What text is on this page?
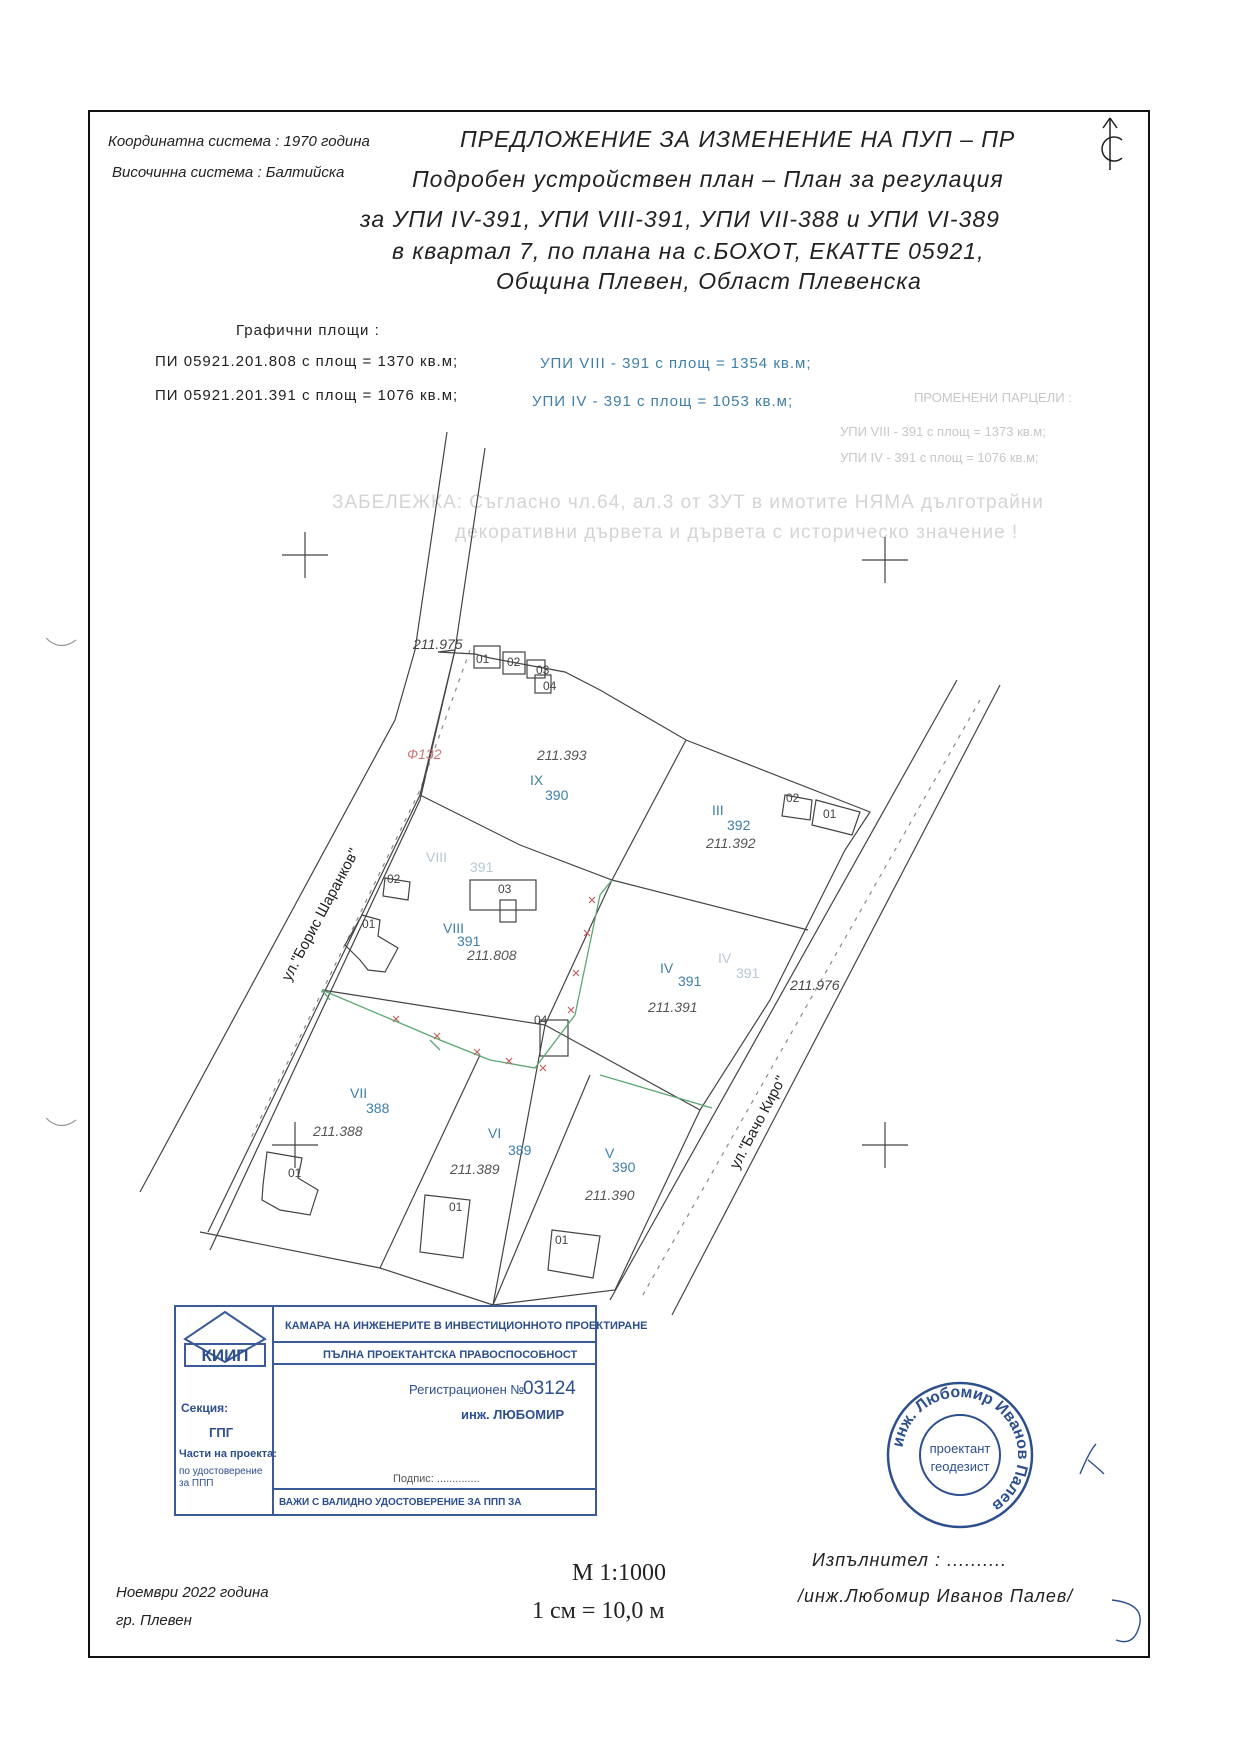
Координатна система : 1970 година
Височинна система : Балтийска
ПРЕДЛОЖЕНИЕ ЗА ИЗМЕНЕНИЕ НА ПУП – ПР
Подробен устройствен план – План за регулация
за УПИ IV-391, УПИ VIII-391, УПИ VII-388 и УПИ VI-389
в квартал 7, по плана на с.БОХОТ, ЕКАТТЕ 05921,
Община Плевен, Област Плевенска
Графични площи :
ПИ 05921.201.808 с площ = 1370 кв.м;
ПИ 05921.201.391 с площ = 1076 кв.м;
УПИ VIII - 391 с площ = 1354 кв.м;
УПИ IV - 391 с площ = 1053 кв.м;	ПРОМЕНЕНИ ПАРЦЕЛИ :
УПИ VIII - 391 с площ = 1373 кв.м;
УПИ IV - 391 с площ = 1076 кв.м;
ЗАБЕЛЕЖКА: Съгласно чл.64, ал.3 от ЗУТ в имотите НЯМА дълготрайни
декоративни дървета и дървета с историческо значение !
211.975
211.976
Ф132
ул."Борис Шаранков"
ул."Бачо Киро"
01 02
03
04
02
01
02
01
03
04
01
01
01
IX
390
211.393
III
392
211.392
VIII
391
211.808
IV
391
211.391
VII
388
211.388	VI
389
211.389
V
390
211.390
VIII
391
IV
391
КИИП
КАМАРА НА ИНЖЕНЕРИТЕ В ИНВЕСТИЦИОННОТО ПРОЕКТИРАНЕ
ПЪЛНА ПРОЕКТАНТСКА ПРАВОСПОСОБНОСТ
Регистрационен №
03124
инж. ЛЮБОМИР
Секция:
ГПГ
Части на проекта:
по удостоверение
за ППП	Подпис: ..............
ВАЖИ С ВАЛИДНО УДОСТОВЕРЕНИЕ ЗА ППП ЗА
инж. Любомир Иванов Палев
проектант
геодезист
Ноември 2022 година
гр. Плевен
М 1:1000
1 см = 10,0 м
Изпълнител : ..........
/инж.Любомир Иванов Палев/
